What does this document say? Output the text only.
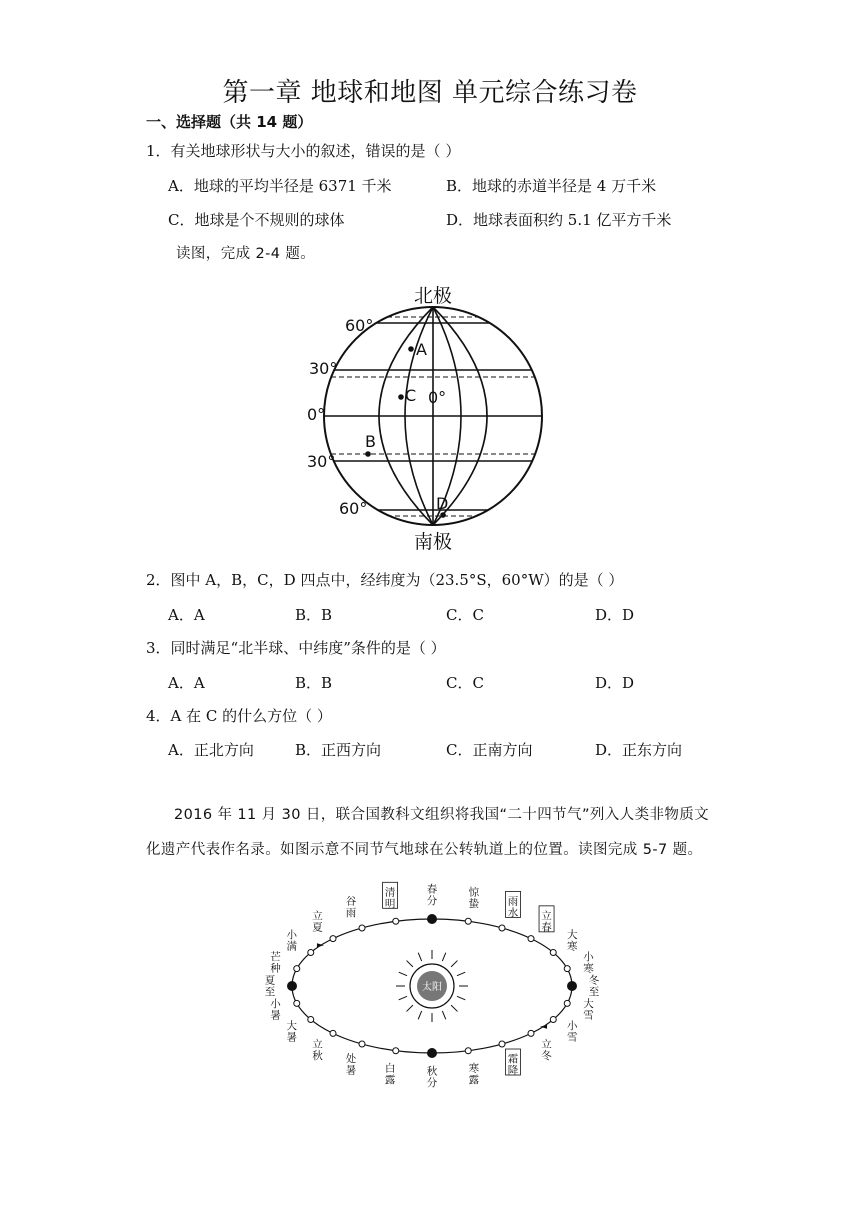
第一章 地球和地图 单元综合练习卷
一、选择题（共 14 题）
1．有关地球形状与大小的叙述，错误的是（ ）
A．地球的平均半径是 6371 千米	B．地球的赤道半径是 4 万千米
C．地球是个不规则的球体	D．地球表面积约 5.1 亿平方千米
读图，完成 2-4 题。
北极
南极
60°
30°
0°
30°
60°
0°
A
C
B
D
2．图中 A，B，C，D 四点中，经纬度为（23.5°S，60°W）的是（ ）
A．A	B．B	C．C	D．D
3．同时满足“北半球、中纬度”条件的是（ ）
A．A	B．B	C．C	D．D
4．A 在 C 的什么方位（ ）
A．正北方向	B．正西方向	C．正南方向	D．正东方向
2016 年 11 月 30 日，联合国教科文组织将我国“二十四节气”列入人类非物质文
化遗产代表作名录。如图示意不同节气地球在公转轨道上的位置。读图完成 5-7 题。
太阳
春
分
惊
蛰	雨
水 立
春
大
寒
小
寒
冬
至
大
雪
小
雪
立
冬
霜
降
寒
露
秋
分
白
露
处
暑
立
秋
大
暑
小
暑
夏
至
芒
种
小
满
立
夏
谷
雨
清
明
